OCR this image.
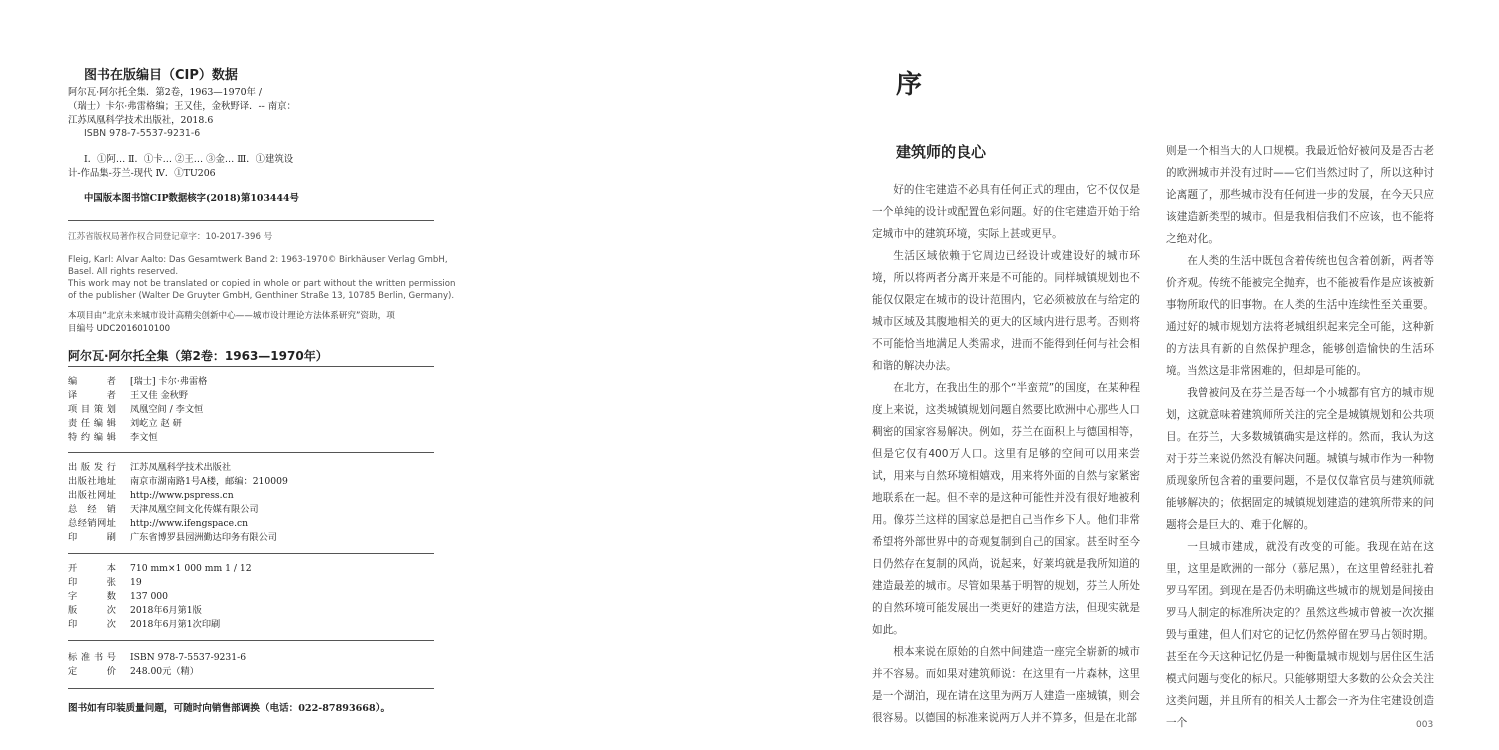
图书在版编目（CIP）数据
阿尔瓦·阿尔托全集．第2卷，1963—1970年 /
（瑞士）卡尔·弗雷格编；王又佳，金秋野译．-- 南京：
江苏凤凰科学技术出版社，2018.6
ISBN 978-7-5537-9231-6
Ⅰ．①阿… Ⅱ．①卡… ②王… ③金… Ⅲ．①建筑设
计-作品集-芬兰-现代 Ⅳ．①TU206
中国版本图书馆CIP数据核字(2018)第103444号
江苏省版权局著作权合同登记章字：10-2017-396 号
Fleig, Karl: Alvar Aalto: Das Gesamtwerk Band 2: 1963-1970© Birkhäuser Verlag GmbH,
Basel. All rights reserved.
This work may not be translated or copied in whole or part without the written permission
of the publisher (Walter De Gruyter GmbH, Genthiner Straße 13, 10785 Berlin, Germany).
本项目由“北京未来城市设计高精尖创新中心——城市设计理论方法体系研究”资助，项
目编号 UDC2016010100
阿尔瓦·阿尔托全集（第2卷：1963—1970年）
编者 [瑞士] 卡尔·弗雷格
译者 王又佳 金秋野
项目策划 凤凰空间 / 李文恒
责任编辑 刘屹立 赵 研
特约编辑 李文恒
出版发行 江苏凤凰科学技术出版社
出版社地址 南京市湖南路1号A楼，邮编：210009
出版社网址 http://www.pspress.cn
总经销 天津凤凰空间文化传媒有限公司
总经销网址 http://www.ifengspace.cn
印刷 广东省博罗县园洲勤达印务有限公司
开本 710 mm×1 000 mm 1 / 12
印张 19
字数 137 000
版次 2018年6月第1版
印次 2018年6月第1次印刷
标准书号 ISBN 978-7-5537-9231-6
定价 248.00元（精）
图书如有印装质量问题，可随时向销售部调换（电话：022-87893668）。
序
建筑师的良心

好的住宅建造不必具有任何正式的理由，它不仅仅是一个单纯的设计或配置色彩问题。好的住宅建造开始于给定城市中的建筑环境，实际上甚或更早。

生活区域依赖于它周边已经设计或建设好的城市环境，所以将两者分离开来是不可能的。同样城镇规划也不能仅仅限定在城市的设计范围内，它必须被放在与给定的城市区域及其腹地相关的更大的区域内进行思考。否则将不可能恰当地满足人类需求，进而不能得到任何与社会相和谐的解决办法。

在北方，在我出生的那个“半蛮荒”的国度，在某种程度上来说，这类城镇规划问题自然要比欧洲中心那些人口稠密的国家容易解决。例如，芬兰在面积上与德国相等，但是它仅有400万人口。这里有足够的空间可以用来尝试，用来与自然环境相嬉戏，用来将外面的自然与家紧密地联系在一起。但不幸的是这种可能性并没有很好地被利用。像芬兰这样的国家总是把自己当作乡下人。他们非常希望将外部世界中的奇观复制到自己的国家。甚至时至今日仍然存在复制的风尚，说起来，好莱坞就是我所知道的建造最差的城市。尽管如果基于明智的规划，芬兰人所处的自然环境可能发展出一类更好的建造方法，但现实就是如此。

根本来说在原始的自然中间建造一座完全崭新的城市并不容易。而如果对建筑师说：在这里有一片森林，这里是一个湖泊，现在请在这里为两万人建造一座城镇，则会很容易。以德国的标准来说两万人并不算多，但是在北部

则是一个相当大的人口规模。我最近恰好被问及是否古老的欧洲城市并没有过时——它们当然过时了，所以这种讨论离题了，那些城市没有任何进一步的发展，在今天只应该建造新类型的城市。但是我相信我们不应该，也不能将之绝对化。

在人类的生活中既包含着传统也包含着创新，两者等价齐观。传统不能被完全抛弃，也不能被看作是应该被新事物所取代的旧事物。在人类的生活中连续性至关重要。通过好的城市规划方法将老城组织起来完全可能，这种新的方法具有新的自然保护理念，能够创造愉快的生活环境。当然这是非常困难的，但却是可能的。

我曾被问及在芬兰是否每一个小城都有官方的城市规划，这就意味着建筑师所关注的完全是城镇规划和公共项目。在芬兰，大多数城镇确实是这样的。然而，我认为这对于芬兰来说仍然没有解决问题。城镇与城市作为一种物质现象所包含着的重要问题，不是仅仅靠官员与建筑师就能够解决的；依据固定的城镇规划建造的建筑所带来的问题将会是巨大的、难于化解的。

一旦城市建成，就没有改变的可能。我现在站在这里，这里是欧洲的一部分（慕尼黑），在这里曾经驻扎着罗马军团。到现在是否仍未明确这些城市的规划是间接由罗马人制定的标准所决定的？虽然这些城市曾被一次次摧毁与重建，但人们对它的记忆仍然停留在罗马占领时期。甚至在今天这种记忆仍是一种衡量城市规划与居住区生活模式问题与变化的标尺。只能够期望大多数的公众会关注这类问题，并且所有的相关人士都会一齐为住宅建设创造一个	003
